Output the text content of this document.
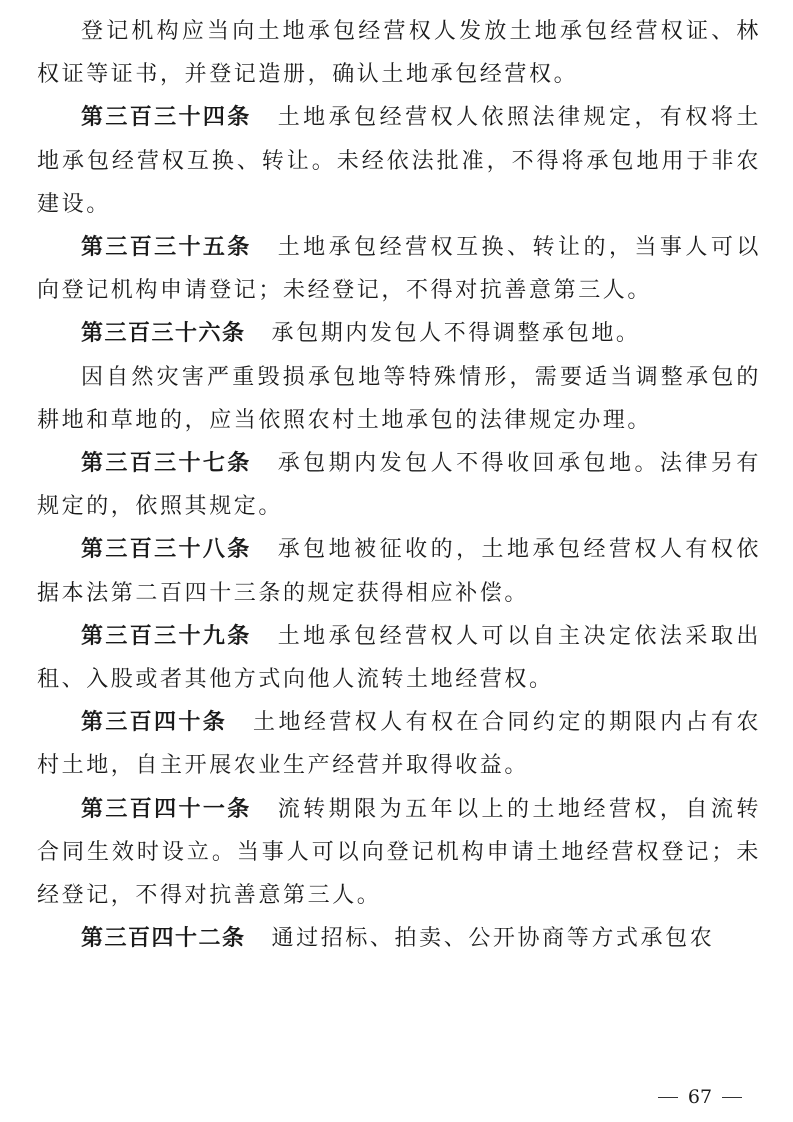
登记机构应当向土地承包经营权人发放土地承包经营权证、林权证等证书，并登记造册，确认土地承包经营权。

第三百三十四条 土地承包经营权人依照法律规定，有权将土地承包经营权互换、转让。未经依法批准，不得将承包地用于非农建设。

第三百三十五条 土地承包经营权互换、转让的，当事人可以向登记机构申请登记；未经登记，不得对抗善意第三人。

第三百三十六条 承包期内发包人不得调整承包地。

因自然灾害严重毁损承包地等特殊情形，需要适当调整承包的耕地和草地的，应当依照农村土地承包的法律规定办理。

第三百三十七条 承包期内发包人不得收回承包地。法律另有规定的，依照其规定。

第三百三十八条 承包地被征收的，土地承包经营权人有权依据本法第二百四十三条的规定获得相应补偿。

第三百三十九条 土地承包经营权人可以自主决定依法采取出租、入股或者其他方式向他人流转土地经营权。

第三百四十条 土地经营权人有权在合同约定的期限内占有农村土地，自主开展农业生产经营并取得收益。

第三百四十一条 流转期限为五年以上的土地经营权，自流转合同生效时设立。当事人可以向登记机构申请土地经营权登记；未经登记，不得对抗善意第三人。

第三百四十二条 通过招标、拍卖、公开协商等方式承包农

67
